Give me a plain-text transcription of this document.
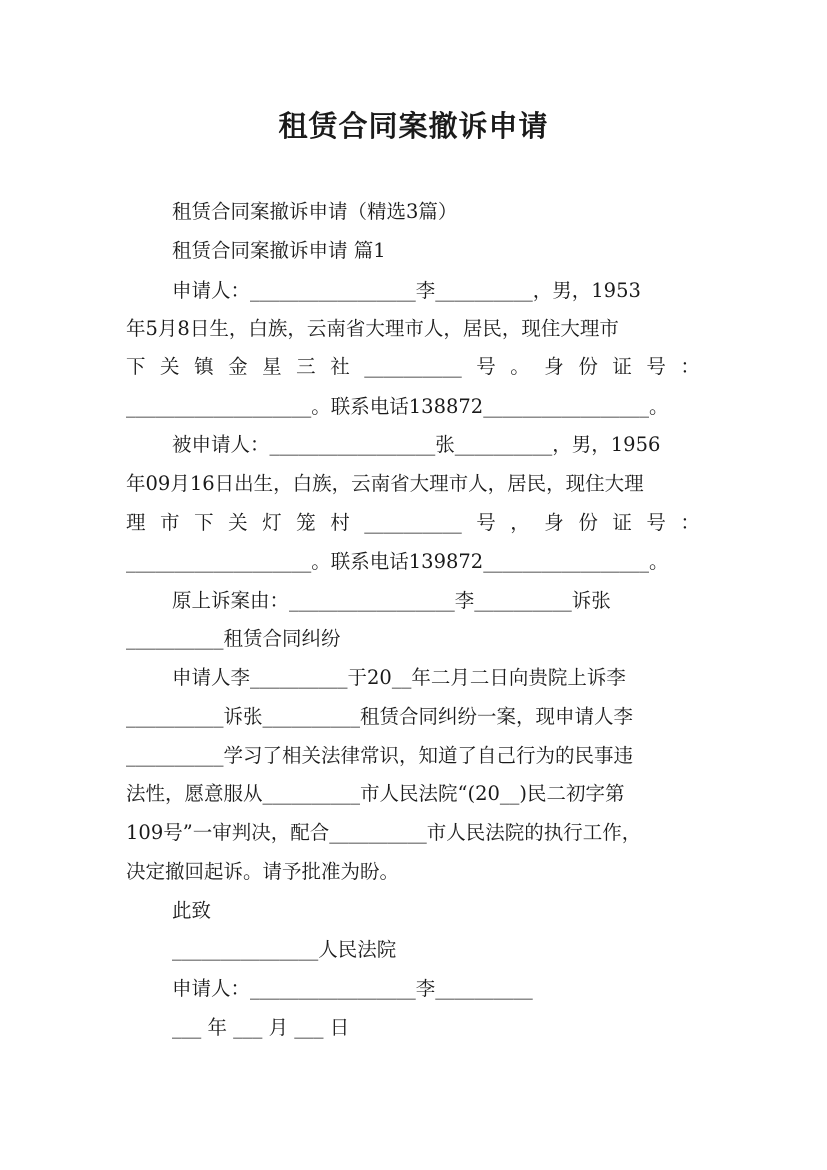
租赁合同案撤诉申请
租赁合同案撤诉申请（精选3篇）
租赁合同案撤诉申请 篇1
申请人：_________________李__________，男，1953
年5月8日生，白族，云南省大理市人，居民，现住大理市
下 关 镇 金 星 三 社 __________ 号 。 身 份 证 号 ：
___________________。联系电话138872_________________。
被申请人：_________________张__________，男，1956
年09月16日出生，白族，云南省大理市人，居民，现住大理
理 市 下 关 灯 笼 村 __________ 号 ， 身 份 证 号 ：
___________________。联系电话139872_________________。
原上诉案由：_________________李__________诉张
__________租赁合同纠纷
申请人李__________于20__年二月二日向贵院上诉李
__________诉张__________租赁合同纠纷一案，现申请人李
__________学习了相关法律常识，知道了自己行为的民事违
法性，愿意服从__________市人民法院“(20__)民二初字第
109号”一审判决，配合__________市人民法院的执行工作，
决定撤回起诉。请予批准为盼。
此致
_______________人民法院
申请人：_________________李__________
___ 年 ___ 月 ___ 日
